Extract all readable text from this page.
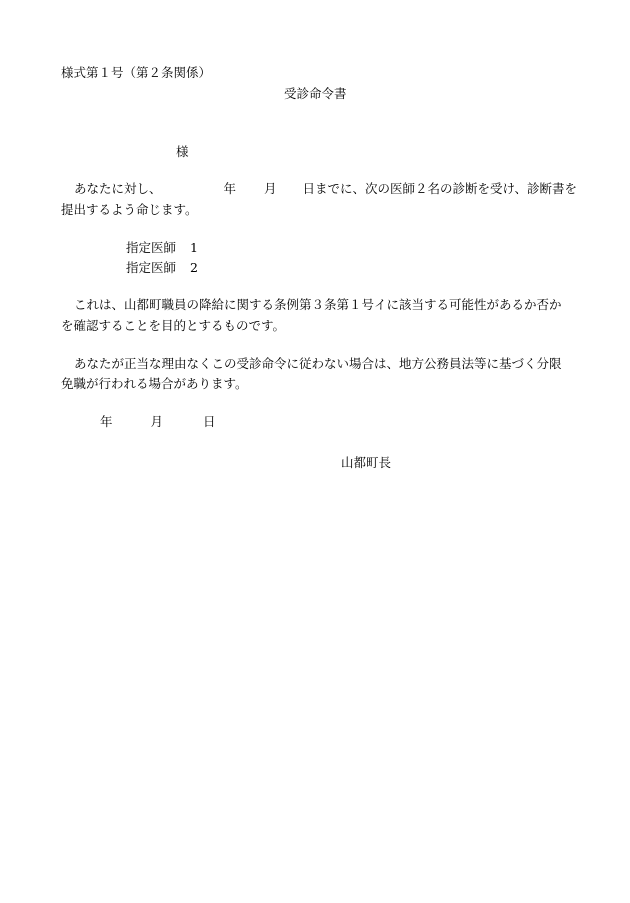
様式第１号（第２条関係）
受診命令書
様
あなたに対し、	年 月 日までに、次の医師２名の診断を受け、診断書を
提出するよう命じます。
指定医師 1
指定医師 2
これは、山都町職員の降給に関する条例第３条第１号イに該当する可能性があるか否か
を確認することを目的とするものです。
あなたが正当な理由なくこの受診命令に従わない場合は、地方公務員法等に基づく分限
免職が行われる場合があります。
年	月	日
山都町長
